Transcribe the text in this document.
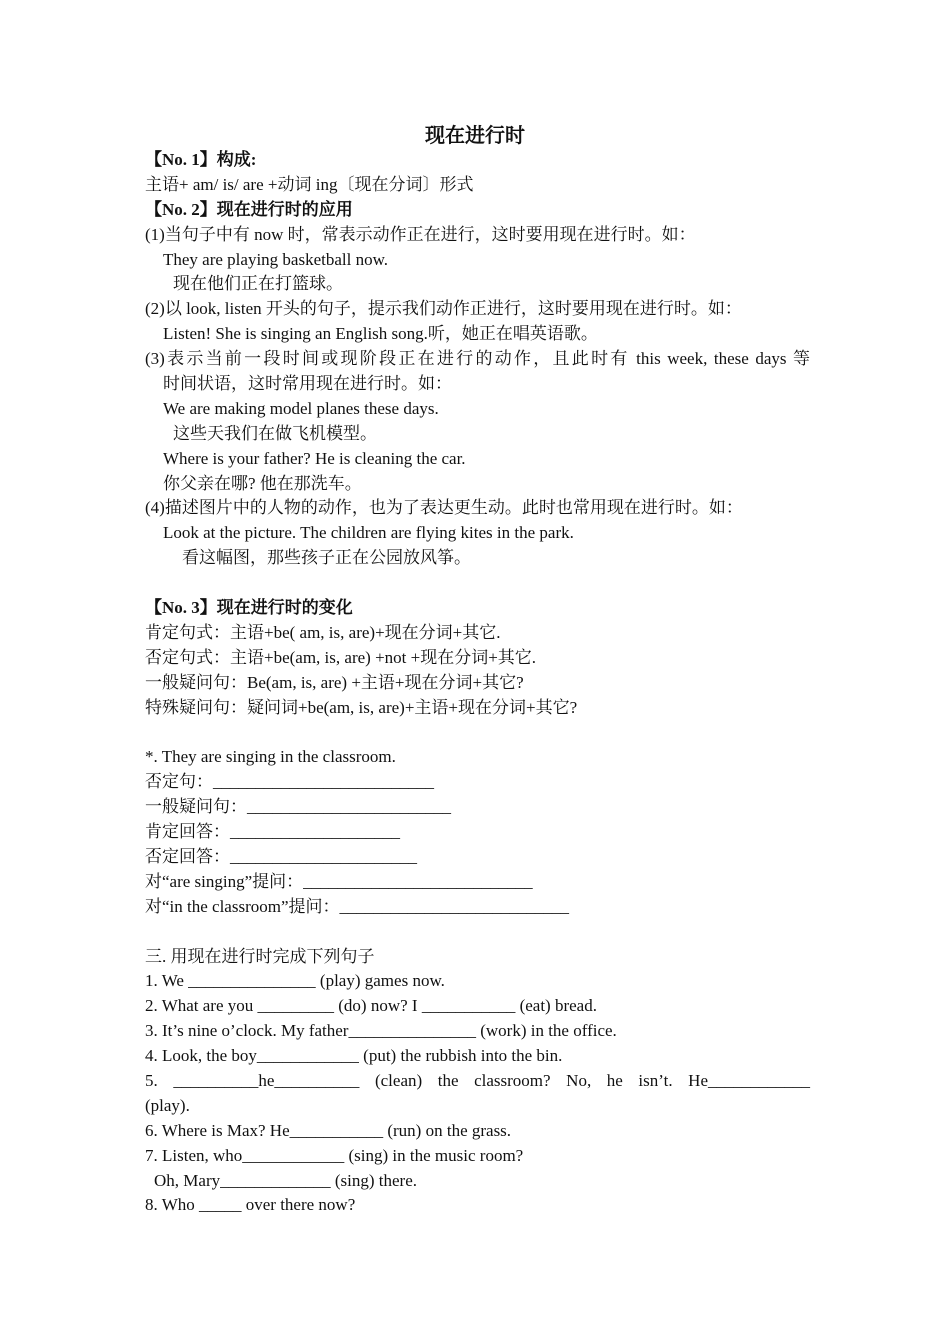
现在进行时
【No. 1】构成:
主语+ am/ is/ are +动词 ing〔现在分词〕形式
【No. 2】现在进行时的应用
(1)当句子中有 now 时，常表示动作正在进行，这时要用现在进行时。如：
They are playing basketball now.
现在他们正在打篮球。
(2)以 look, listen 开头的句子，提示我们动作正进行，这时要用现在进行时。如：
Listen! She is singing an English song.听，她正在唱英语歌。
(3)表示当前一段时间或现阶段正在进行的动作，且此时有 this week, these days 等
时间状语，这时常用现在进行时。如：
We are making model planes these days.
这些天我们在做飞机模型。
Where is your father? He is cleaning the car.
你父亲在哪? 他在那洗车。
(4)描述图片中的人物的动作，也为了表达更生动。此时也常用现在进行时。如：
Look at the picture. The children are flying kites in the park.
看这幅图，那些孩子正在公园放风筝。
【No. 3】现在进行时的变化
肯定句式：主语+be( am, is, are)+现在分词+其它.
否定句式：主语+be(am, is, are) +not +现在分词+其它.
一般疑问句：Be(am, is, are) +主语+现在分词+其它?
特殊疑问句：疑问词+be(am, is, are)+主语+现在分词+其它?
*. They are singing in the classroom.
否定句：__________________________
一般疑问句：________________________
肯定回答：____________________
否定回答：______________________
对“are singing”提问：___________________________
对“in the classroom”提问：___________________________
三. 用现在进行时完成下列句子
1. We _______________ (play) games now.
2. What are you _________ (do) now? I ___________ (eat) bread.
3. It’s nine o’clock. My father_______________ (work) in the office.
4. Look, the boy____________ (put) the rubbish into the bin.
5. __________he__________ (clean) the classroom? No, he isn’t. He____________
(play).
6. Where is Max? He___________ (run) on the grass.
7. Listen, who____________ (sing) in the music room?
Oh, Mary_____________ (sing) there.
8. Who _____ over there now?
